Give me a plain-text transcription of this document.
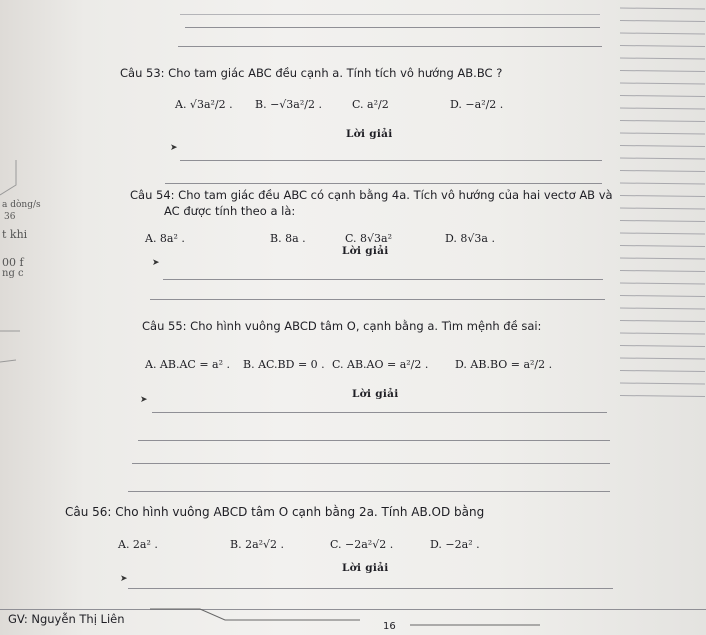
Câu 53: Cho tam giác ABC đều cạnh a. Tính tích vô hướng AB.BC ?
A. √3a²/2 . B. −√3a²/2 .	C. a²/2	D. −a²/2 .
Lời giải
➤
Câu 54: Cho tam giác đều ABC có cạnh bằng 4a. Tích vô hướng của hai vectơ AB và
AC được tính theo a là:
A. 8a² .	B. 8a .	C. 8√3a²	D. 8√3a .
Lời giải
➤
Câu 55: Cho hình vuông ABCD tâm O, cạnh bằng a. Tìm mệnh đề sai:
A. AB.AC = a² . B. AC.BD = 0 . C. AB.AO = a²/2 . D. AB.BO = a²/2 .
Lời giải
➤
Câu 56: Cho hình vuông ABCD tâm O cạnh bằng 2a. Tính AB.OD bằng
A. 2a² .	B. 2a²√2 .	C. −2a²√2 .	D. −2a² .
Lời giải
➤
a dòng/s
36
t khi
00 f
ng c
GV: Nguyễn Thị Liên
16
